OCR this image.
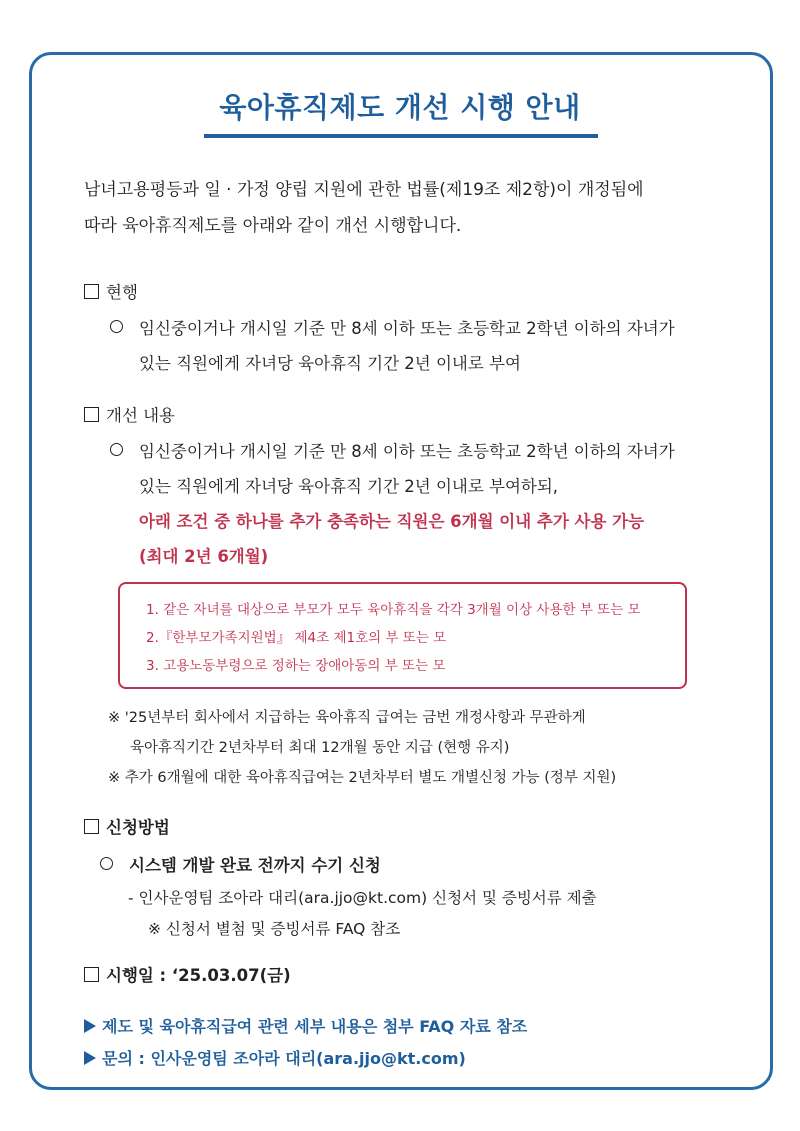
육아휴직제도 개선 시행 안내
남녀고용평등과 일 · 가정 양립 지원에 관한 법률(제19조 제2항)이 개정됨에
따라 육아휴직제도를 아래와 같이 개선 시행합니다.
현행
임신중이거나 개시일 기준 만 8세 이하 또는 초등학교 2학년 이하의 자녀가
있는 직원에게 자녀당 육아휴직 기간 2년 이내로 부여
개선 내용
임신중이거나 개시일 기준 만 8세 이하 또는 초등학교 2학년 이하의 자녀가
있는 직원에게 자녀당 육아휴직 기간 2년 이내로 부여하되,
아래 조건 중 하나를 추가 충족하는 직원은 6개월 이내 추가 사용 가능
(최대 2년 6개월)
1. 같은 자녀를 대상으로 부모가 모두 육아휴직을 각각 3개월 이상 사용한 부 또는 모
2.『한부모가족지원법』 제4조 제1호의 부 또는 모
3. 고용노동부령으로 정하는 장애아동의 부 또는 모
※ '25년부터 회사에서 지급하는 육아휴직 급여는 금번 개정사항과 무관하게
육아휴직기간 2년차부터 최대 12개월 동안 지급 (현행 유지)
※ 추가 6개월에 대한 육아휴직급여는 2년차부터 별도 개별신청 가능 (정부 지원)
신청방법
시스템 개발 완료 전까지 수기 신청
- 인사운영팀 조아라 대리(ara.jjo@kt.com) 신청서 및 증빙서류 제출
※ 신청서 별첨 및 증빙서류 FAQ 참조
시행일 : ‘25.03.07(금)
제도 및 육아휴직급여 관련 세부 내용은 첨부 FAQ 자료 참조
문의 : 인사운영팀 조아라 대리(ara.jjo@kt.com)
